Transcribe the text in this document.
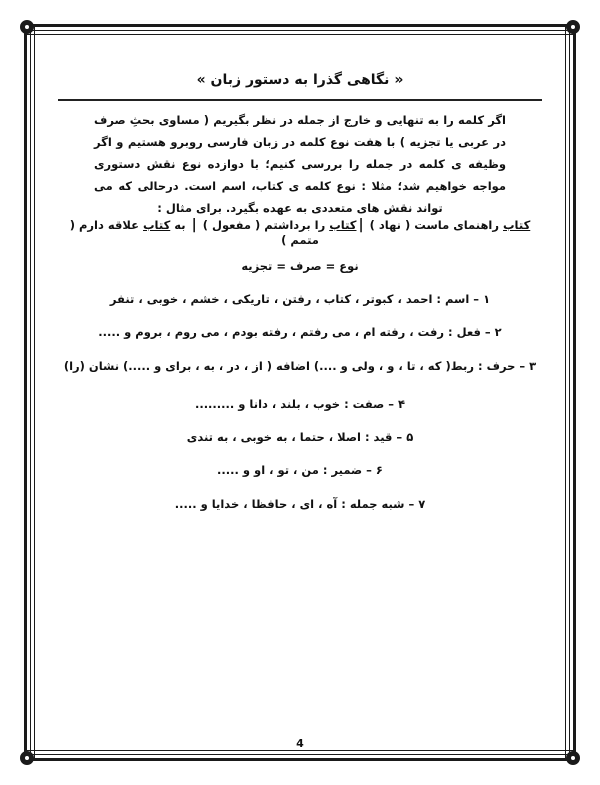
« نگاهی گذرا به دستور زبان »
اگر کلمه را به تنهایی و خارج از جمله در نظر بگیریم ( مساوی بحثِ صرف در عربی یا تجزیه ) با هفت نوع کلمه در زبان فارسی روبرو هستیم و اگر وظیفه ی کلمه در جمله را بررسی کنیم؛ با دوازده نوع نقش دستوری مواجه خواهیم شد؛ مثلا : نوع کلمه ی کتاب، اسم است. درحالی که می تواند نقش های متعددی به عهده بگیرد. برای مثال :
کتاب راهنمای ماست ( نهاد ) |کتاب را برداشتم ( مفعول ) | به کتاب علاقه دارم ( متمم )
نوع = صرف = تجزیه
۱ – اسم : احمد ، کبوتر ، کتاب ، رفتن ، تاریکی ، خشم ، خوبی ، تنفر
۲ – فعل : رفت ، رفته ام ، می رفتم ، رفته بودم ، می روم ، بروم و .....
۳ – حرف : ربط( که ، تا ، و ، ولی و ....) اضافه ( از ، در ، به ، برای و .....) نشان (را)
۴ – صفت : خوب ، بلند ، دانا و .........
۵ – قید : اصلا ، حتما ، به خوبی ، به تندی
۶ – ضمیر : من ، تو ، او و .....
۷ – شبه جمله : آه ، ای ، حافظا ، خدایا و .....
4
